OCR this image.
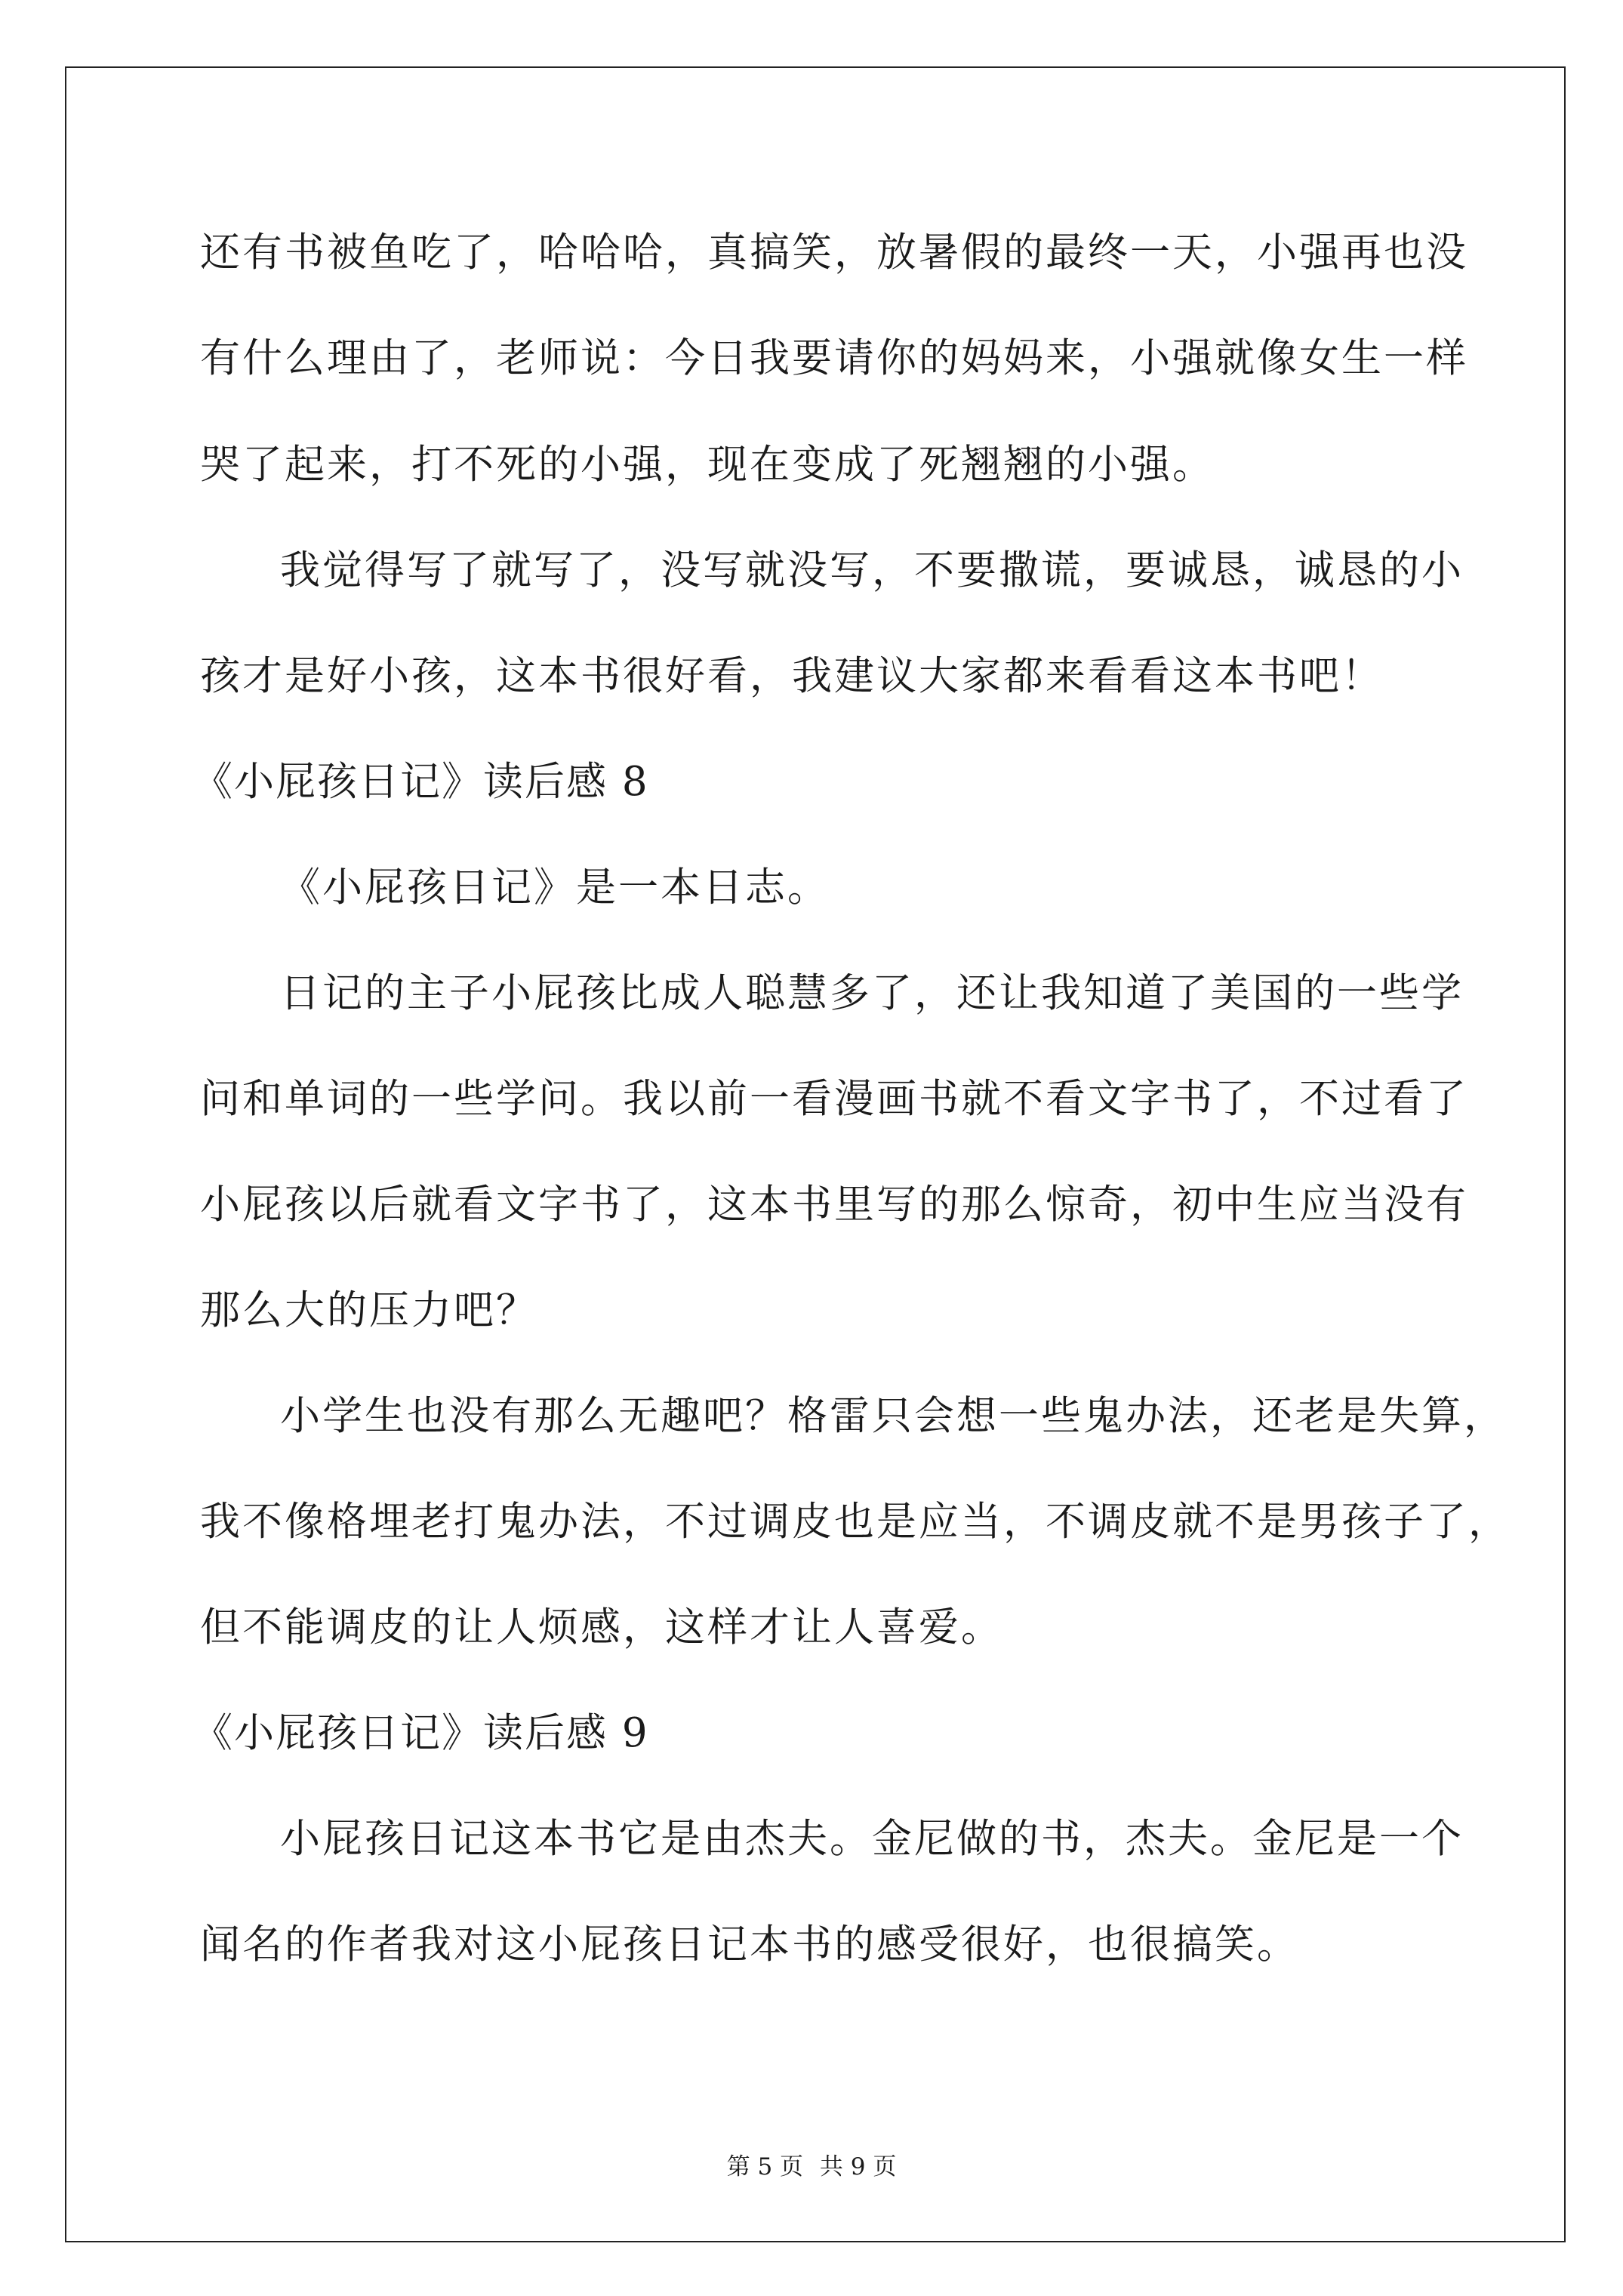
还有书被鱼吃了，哈哈哈，真搞笑，放暑假的最终一天，小强再也没
有什么理由了，老师说：今日我要请你的妈妈来，小强就像女生一样
哭了起来，打不死的小强，现在变成了死翘翘的小强。
我觉得写了就写了，没写就没写，不要撒谎，要诚恳，诚恳的小
孩才是好小孩，这本书很好看，我建议大家都来看看这本书吧！
《小屁孩日记》读后感 8
《小屁孩日记》是一本日志。
日记的主子小屁孩比成人聪慧多了，还让我知道了美国的一些学
问和单词的一些学问。我以前一看漫画书就不看文字书了，不过看了
小屁孩以后就看文字书了，这本书里写的那么惊奇，初中生应当没有
那么大的压力吧？
小学生也没有那么无趣吧？格雷只会想一些鬼办法，还老是失算，
我不像格埋老打鬼办法，不过调皮也是应当，不调皮就不是男孩子了，
但不能调皮的让人烦感，这样才让人喜爱。
《小屁孩日记》读后感 9
小屁孩日记这本书它是由杰夫。金尼做的书，杰夫。金尼是一个
闻名的作者我对这小屁孩日记本书的感受很好，也很搞笑。
第 5 页 共 9 页
